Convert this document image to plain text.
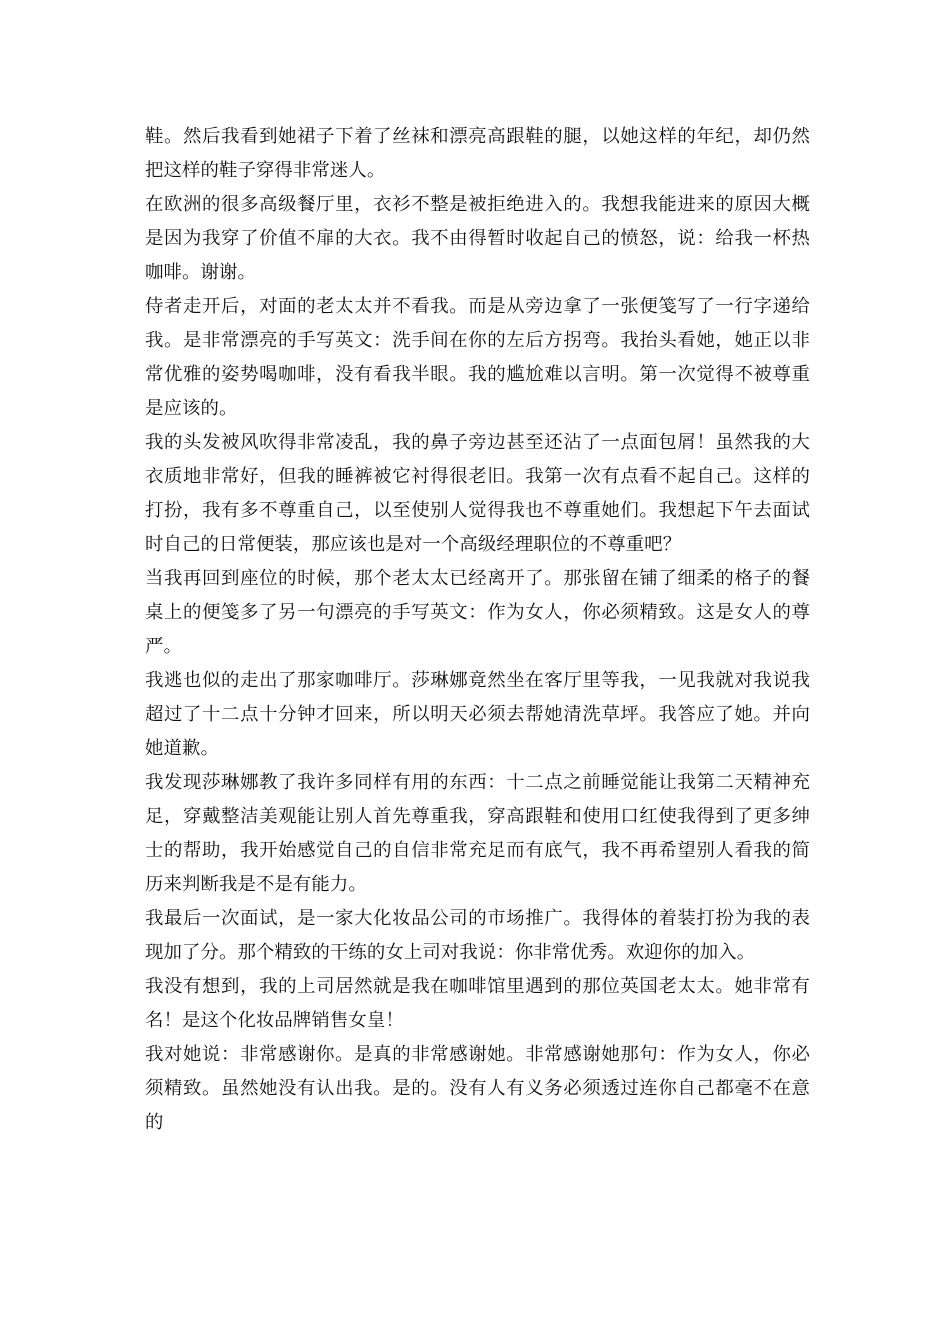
鞋。然后我看到她裙子下着了丝袜和漂亮高跟鞋的腿，以她这样的年纪，却仍然把这样的鞋子穿得非常迷人。

在欧洲的很多高级餐厅里，衣衫不整是被拒绝进入的。我想我能进来的原因大概是因为我穿了价值不扉的大衣。我不由得暂时收起自己的愤怒，说：给我一杯热咖啡。谢谢。

侍者走开后，对面的老太太并不看我。而是从旁边拿了一张便笺写了一行字递给我。是非常漂亮的手写英文：洗手间在你的左后方拐弯。我抬头看她，她正以非常优雅的姿势喝咖啡，没有看我半眼。我的尴尬难以言明。第一次觉得不被尊重是应该的。

我的头发被风吹得非常凌乱，我的鼻子旁边甚至还沾了一点面包屑！虽然我的大衣质地非常好，但我的睡裤被它衬得很老旧。我第一次有点看不起自己。这样的打扮，我有多不尊重自己，以至使别人觉得我也不尊重她们。我想起下午去面试时自己的日常便装，那应该也是对一个高级经理职位的不尊重吧？

当我再回到座位的时候，那个老太太已经离开了。那张留在铺了细柔的格子的餐桌上的便笺多了另一句漂亮的手写英文：作为女人，你必须精致。这是女人的尊严。

我逃也似的走出了那家咖啡厅。莎琳娜竟然坐在客厅里等我，一见我就对我说我超过了十二点十分钟才回来，所以明天必须去帮她清洗草坪。我答应了她。并向她道歉。

我发现莎琳娜教了我许多同样有用的东西：十二点之前睡觉能让我第二天精神充足，穿戴整洁美观能让别人首先尊重我，穿高跟鞋和使用口红使我得到了更多绅士的帮助，我开始感觉自己的自信非常充足而有底气，我不再希望别人看我的简历来判断我是不是有能力。

我最后一次面试，是一家大化妆品公司的市场推广。我得体的着装打扮为我的表现加了分。那个精致的干练的女上司对我说：你非常优秀。欢迎你的加入。

我没有想到，我的上司居然就是我在咖啡馆里遇到的那位英国老太太。她非常有名！是这个化妆品牌销售女皇！

我对她说：非常感谢你。是真的非常感谢她。非常感谢她那句：作为女人，你必须精致。虽然她没有认出我。是的。没有人有义务必须透过连你自己都毫不在意的
